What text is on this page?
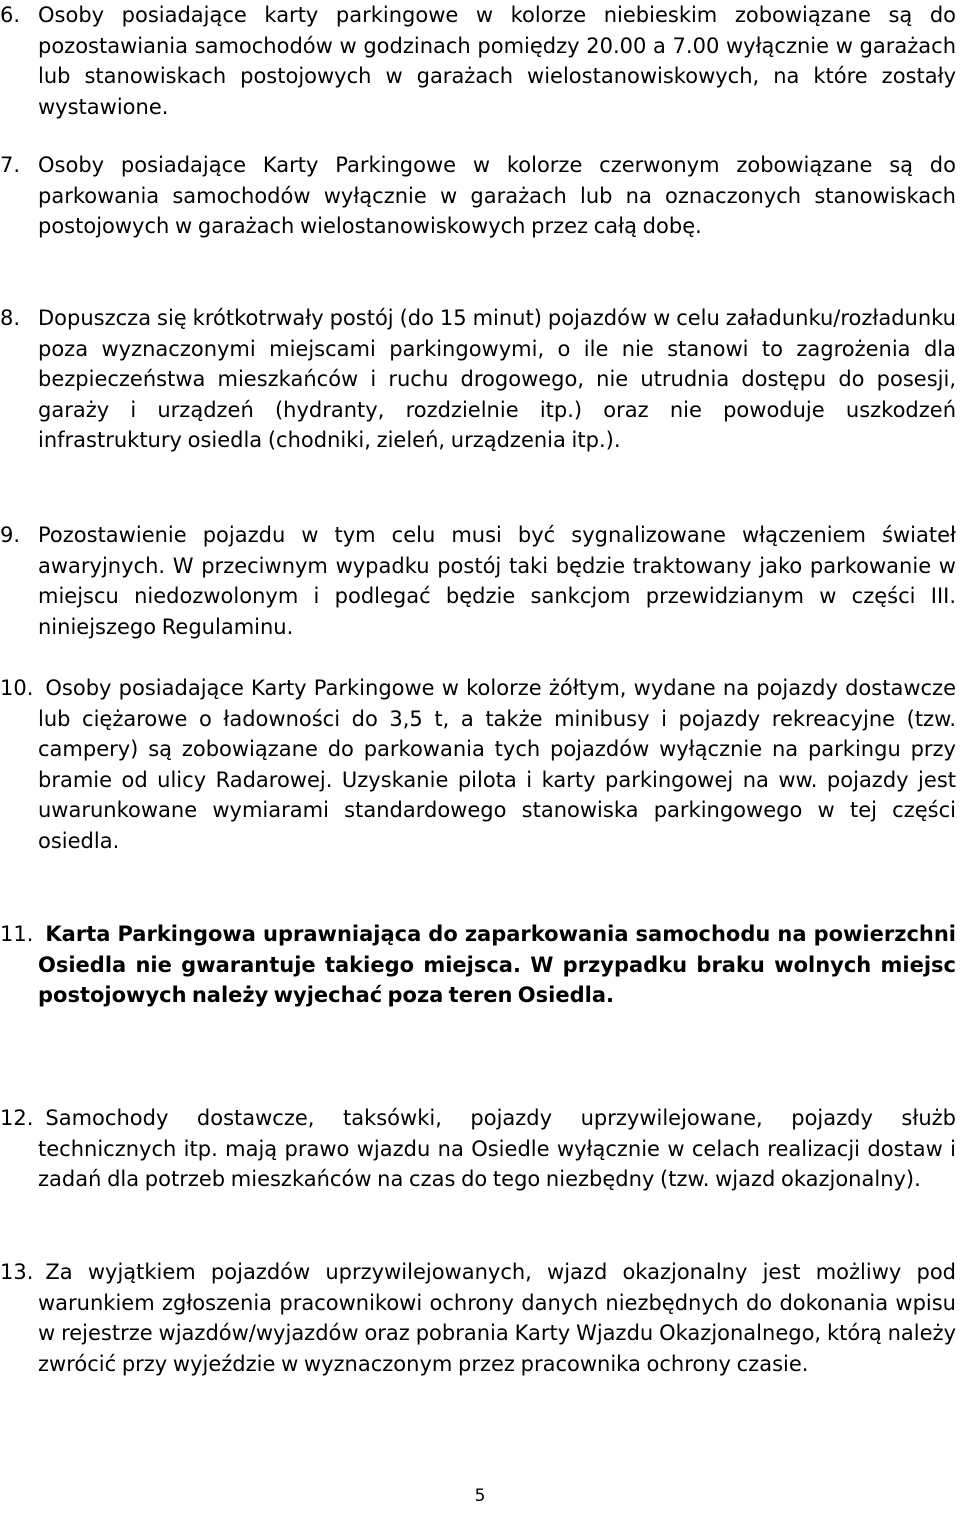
6. Osoby posiadające karty parkingowe w kolorze niebieskim zobowiązane są do pozostawiania samochodów w godzinach pomiędzy 20.00 a 7.00 wyłącznie w garażach lub stanowiskach postojowych w garażach wielostanowiskowych, na które zostały wystawione.

7. Osoby posiadające Karty Parkingowe w kolorze czerwonym zobowiązane są do parkowania samochodów wyłącznie w garażach lub na oznaczonych stanowiskach postojowych w garażach wielostanowiskowych przez całą dobę.

8. Dopuszcza się krótkotrwały postój (do 15 minut) pojazdów w celu załadunku/rozładunku poza wyznaczonymi miejscami parkingowymi, o ile nie stanowi to zagrożenia dla bezpieczeństwa mieszkańców i ruchu drogowego, nie utrudnia dostępu do posesji, garaży i urządzeń (hydranty, rozdzielnie itp.) oraz nie powoduje uszkodzeń infrastruktury osiedla (chodniki, zieleń, urządzenia itp.).

9. Pozostawienie pojazdu w tym celu musi być sygnalizowane włączeniem świateł awaryjnych. W przeciwnym wypadku postój taki będzie traktowany jako parkowanie w miejscu niedozwolonym i podlegać będzie sankcjom przewidzianym w części III. niniejszego Regulaminu.

10. Osoby posiadające Karty Parkingowe w kolorze żółtym, wydane na pojazdy dostawcze lub ciężarowe o ładowności do 3,5 t, a także minibusy i pojazdy rekreacyjne (tzw. campery) są zobowiązane do parkowania tych pojazdów wyłącznie na parkingu przy bramie od ulicy Radarowej. Uzyskanie pilota i karty parkingowej na ww. pojazdy jest uwarunkowane wymiarami standardowego stanowiska parkingowego w tej części osiedla.

11. Karta Parkingowa uprawniająca do zaparkowania samochodu na powierzchni Osiedla nie gwarantuje takiego miejsca. W przypadku braku wolnych miejsc postojowych należy wyjechać poza teren Osiedla.

12. Samochody dostawcze, taksówki, pojazdy uprzywilejowane, pojazdy służb technicznych itp. mają prawo wjazdu na Osiedle wyłącznie w celach realizacji dostaw i zadań dla potrzeb mieszkańców na czas do tego niezbędny (tzw. wjazd okazjonalny).

13. Za wyjątkiem pojazdów uprzywilejowanych, wjazd okazjonalny jest możliwy pod warunkiem zgłoszenia pracownikowi ochrony danych niezbędnych do dokonania wpisu w rejestrze wjazdów/wyjazdów oraz pobrania Karty Wjazdu Okazjonalnego, którą należy zwrócić przy wyjeździe w wyznaczonym przez pracownika ochrony czasie.

5
